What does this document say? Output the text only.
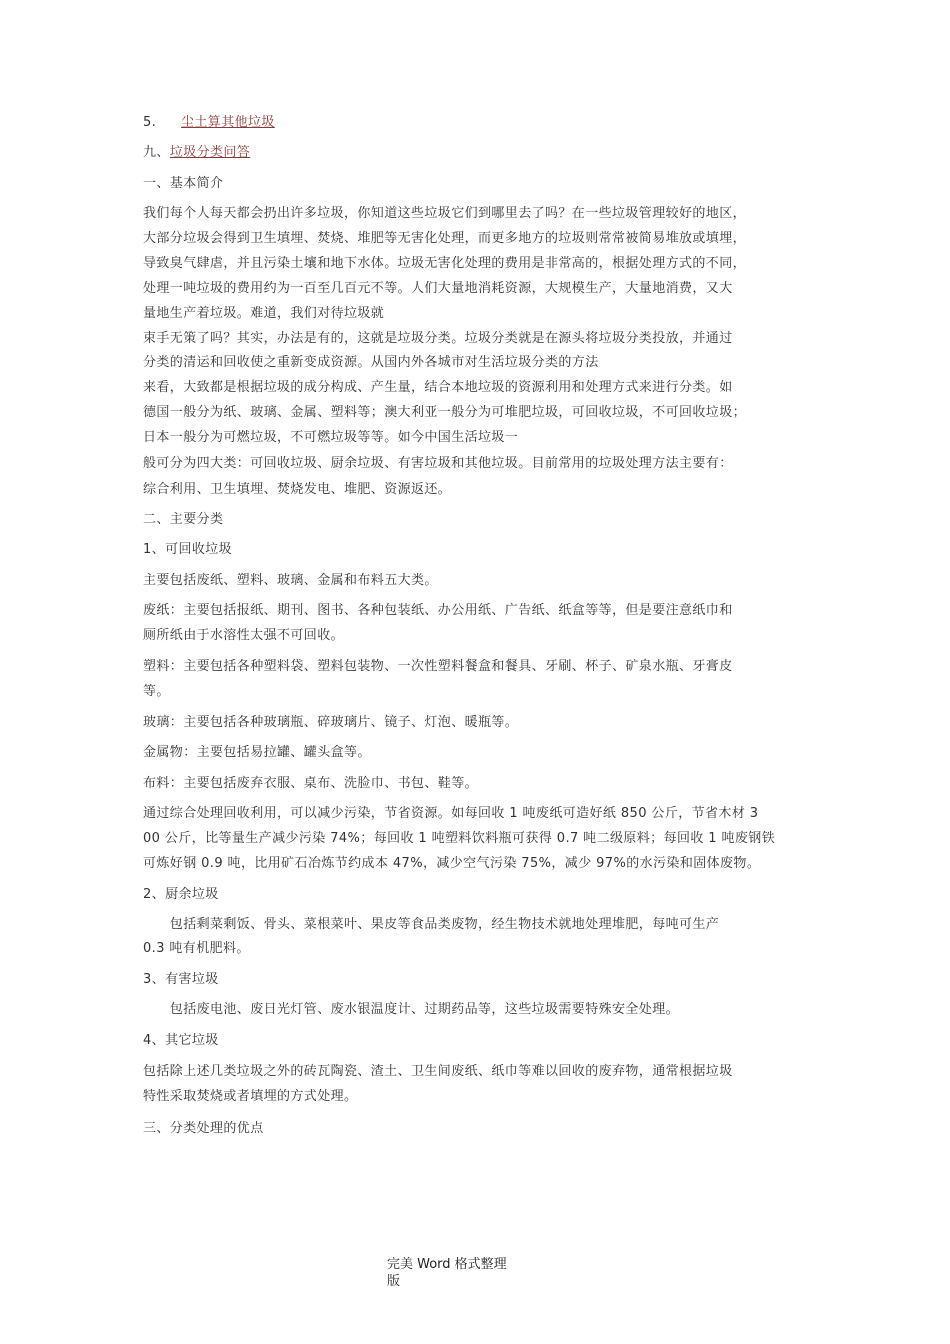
5. 尘土算其他垃圾
九、垃圾分类问答
一、基本简介
我们每个人每天都会扔出许多垃圾，你知道这些垃圾它们到哪里去了吗？在一些垃圾管理较好的地区，
大部分垃圾会得到卫生填埋、焚烧、堆肥等无害化处理，而更多地方的垃圾则常常被简易堆放或填埋，
导致臭气肆虐，并且污染土壤和地下水体。垃圾无害化处理的费用是非常高的，根据处理方式的不同，
处理一吨垃圾的费用约为一百至几百元不等。人们大量地消耗资源，大规模生产，大量地消费，又大
量地生产着垃圾。难道，我们对待垃圾就
束手无策了吗？其实，办法是有的，这就是垃圾分类。垃圾分类就是在源头将垃圾分类投放，并通过
分类的清运和回收使之重新变成资源。从国内外各城市对生活垃圾分类的方法
来看，大致都是根据垃圾的成分构成、产生量，结合本地垃圾的资源利用和处理方式来进行分类。如
德国一般分为纸、玻璃、金属、塑料等；澳大利亚一般分为可堆肥垃圾，可回收垃圾，不可回收垃圾；
日本一般分为可燃垃圾，不可燃垃圾等等。如今中国生活垃圾一
般可分为四大类：可回收垃圾、厨余垃圾、有害垃圾和其他垃圾。目前常用的垃圾处理方法主要有：
综合利用、卫生填埋、焚烧发电、堆肥、资源返还。
二、主要分类
1、可回收垃圾
主要包括废纸、塑料、玻璃、金属和布料五大类。
废纸：主要包括报纸、期刊、图书、各种包装纸、办公用纸、广告纸、纸盒等等，但是要注意纸巾和
厕所纸由于水溶性太强不可回收。
塑料：主要包括各种塑料袋、塑料包装物、一次性塑料餐盒和餐具、牙刷、杯子、矿泉水瓶、牙膏皮
等。
玻璃：主要包括各种玻璃瓶、碎玻璃片、镜子、灯泡、暖瓶等。
金属物：主要包括易拉罐、罐头盒等。
布料：主要包括废弃衣服、桌布、洗脸巾、书包、鞋等。
通过综合处理回收利用，可以减少污染，节省资源。如每回收 1 吨废纸可造好纸 850 公斤，节省木材 3
00 公斤，比等量生产减少污染 74%；每回收 1 吨塑料饮料瓶可获得 0.7 吨二级原料；每回收 1 吨废钢铁
可炼好钢 0.9 吨，比用矿石冶炼节约成本 47%，减少空气污染 75%，减少 97%的水污染和固体废物。
2、厨余垃圾
　　包括剩菜剩饭、骨头、菜根菜叶、果皮等食品类废物，经生物技术就地处理堆肥，每吨可生产
0.3 吨有机肥料。
3、有害垃圾
　　包括废电池、废日光灯管、废水银温度计、过期药品等，这些垃圾需要特殊安全处理。
4、其它垃圾
包括除上述几类垃圾之外的砖瓦陶瓷、渣土、卫生间废纸、纸巾等难以回收的废弃物，通常根据垃圾
特性采取焚烧或者填埋的方式处理。
三、分类处理的优点
完美 Word 格式整理
版
